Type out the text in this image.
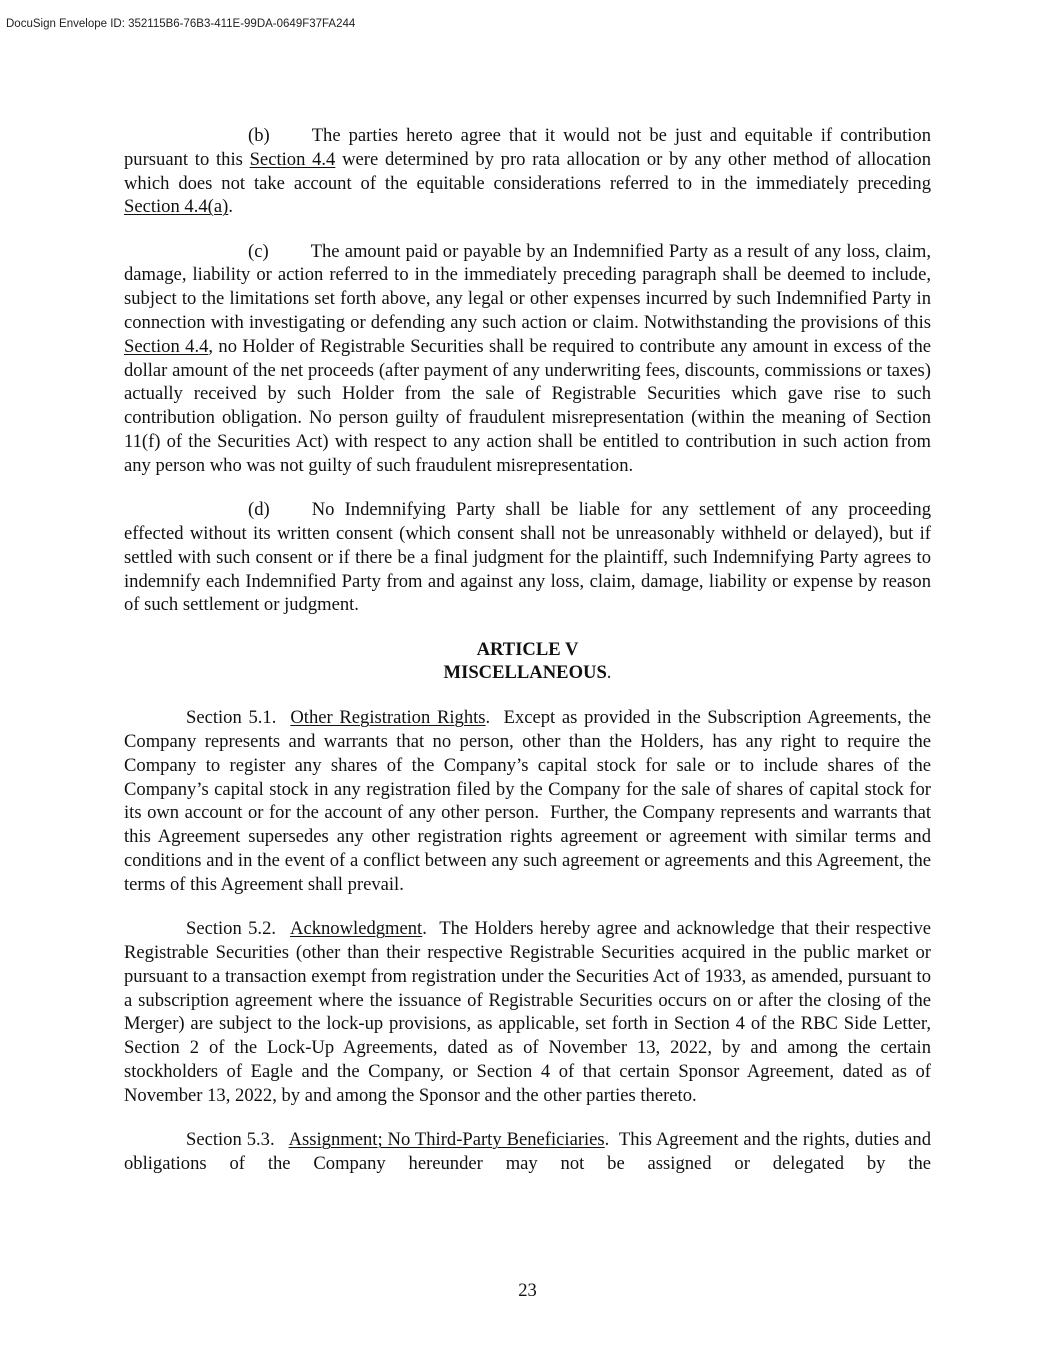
DocuSign Envelope ID: 352115B6-76B3-411E-99DA-0649F37FA244

(b) The parties hereto agree that it would not be just and equitable if contribution pursuant to this Section 4.4 were determined by pro rata allocation or by any other method of allocation which does not take account of the equitable considerations referred to in the immediately preceding Section 4.4(a).

(c) The amount paid or payable by an Indemnified Party as a result of any loss, claim, damage, liability or action referred to in the immediately preceding paragraph shall be deemed to include, subject to the limitations set forth above, any legal or other expenses incurred by such Indemnified Party in connection with investigating or defending any such action or claim. Notwithstanding the provisions of this Section 4.4, no Holder of Registrable Securities shall be required to contribute any amount in excess of the dollar amount of the net proceeds (after payment of any underwriting fees, discounts, commissions or taxes) actually received by such Holder from the sale of Registrable Securities which gave rise to such contribution obligation. No person guilty of fraudulent misrepresentation (within the meaning of Section 11(f) of the Securities Act) with respect to any action shall be entitled to contribution in such action from any person who was not guilty of such fraudulent misrepresentation.

(d) No Indemnifying Party shall be liable for any settlement of any proceeding effected without its written consent (which consent shall not be unreasonably withheld or delayed), but if settled with such consent or if there be a final judgment for the plaintiff, such Indemnifying Party agrees to indemnify each Indemnified Party from and against any loss, claim, damage, liability or expense by reason of such settlement or judgment.

ARTICLE V
MISCELLANEOUS.

Section 5.1. Other Registration Rights.  Except as provided in the Subscription Agreements, the Company represents and warrants that no person, other than the Holders, has any right to require the Company to register any shares of the Company’s capital stock for sale or to include shares of the Company’s capital stock in any registration filed by the Company for the sale of shares of capital stock for its own account or for the account of any other person.  Further, the Company represents and warrants that this Agreement supersedes any other registration rights agreement or agreement with similar terms and conditions and in the event of a conflict between any such agreement or agreements and this Agreement, the terms of this Agreement shall prevail.

Section 5.2. Acknowledgment.  The Holders hereby agree and acknowledge that their respective Registrable Securities (other than their respective Registrable Securities acquired in the public market or pursuant to a transaction exempt from registration under the Securities Act of 1933, as amended, pursuant to a subscription agreement where the issuance of Registrable Securities occurs on or after the closing of the Merger) are subject to the lock-up provisions, as applicable, set forth in Section 4 of the RBC Side Letter, Section 2 of the Lock-Up Agreements, dated as of November 13, 2022, by and among the certain stockholders of Eagle and the Company, or Section 4 of that certain Sponsor Agreement, dated as of November 13, 2022, by and among the Sponsor and the other parties thereto.

Section 5.3. Assignment; No Third-Party Beneficiaries.  This Agreement and the rights, duties and obligations of the Company hereunder may not be assigned or delegated by the

23
